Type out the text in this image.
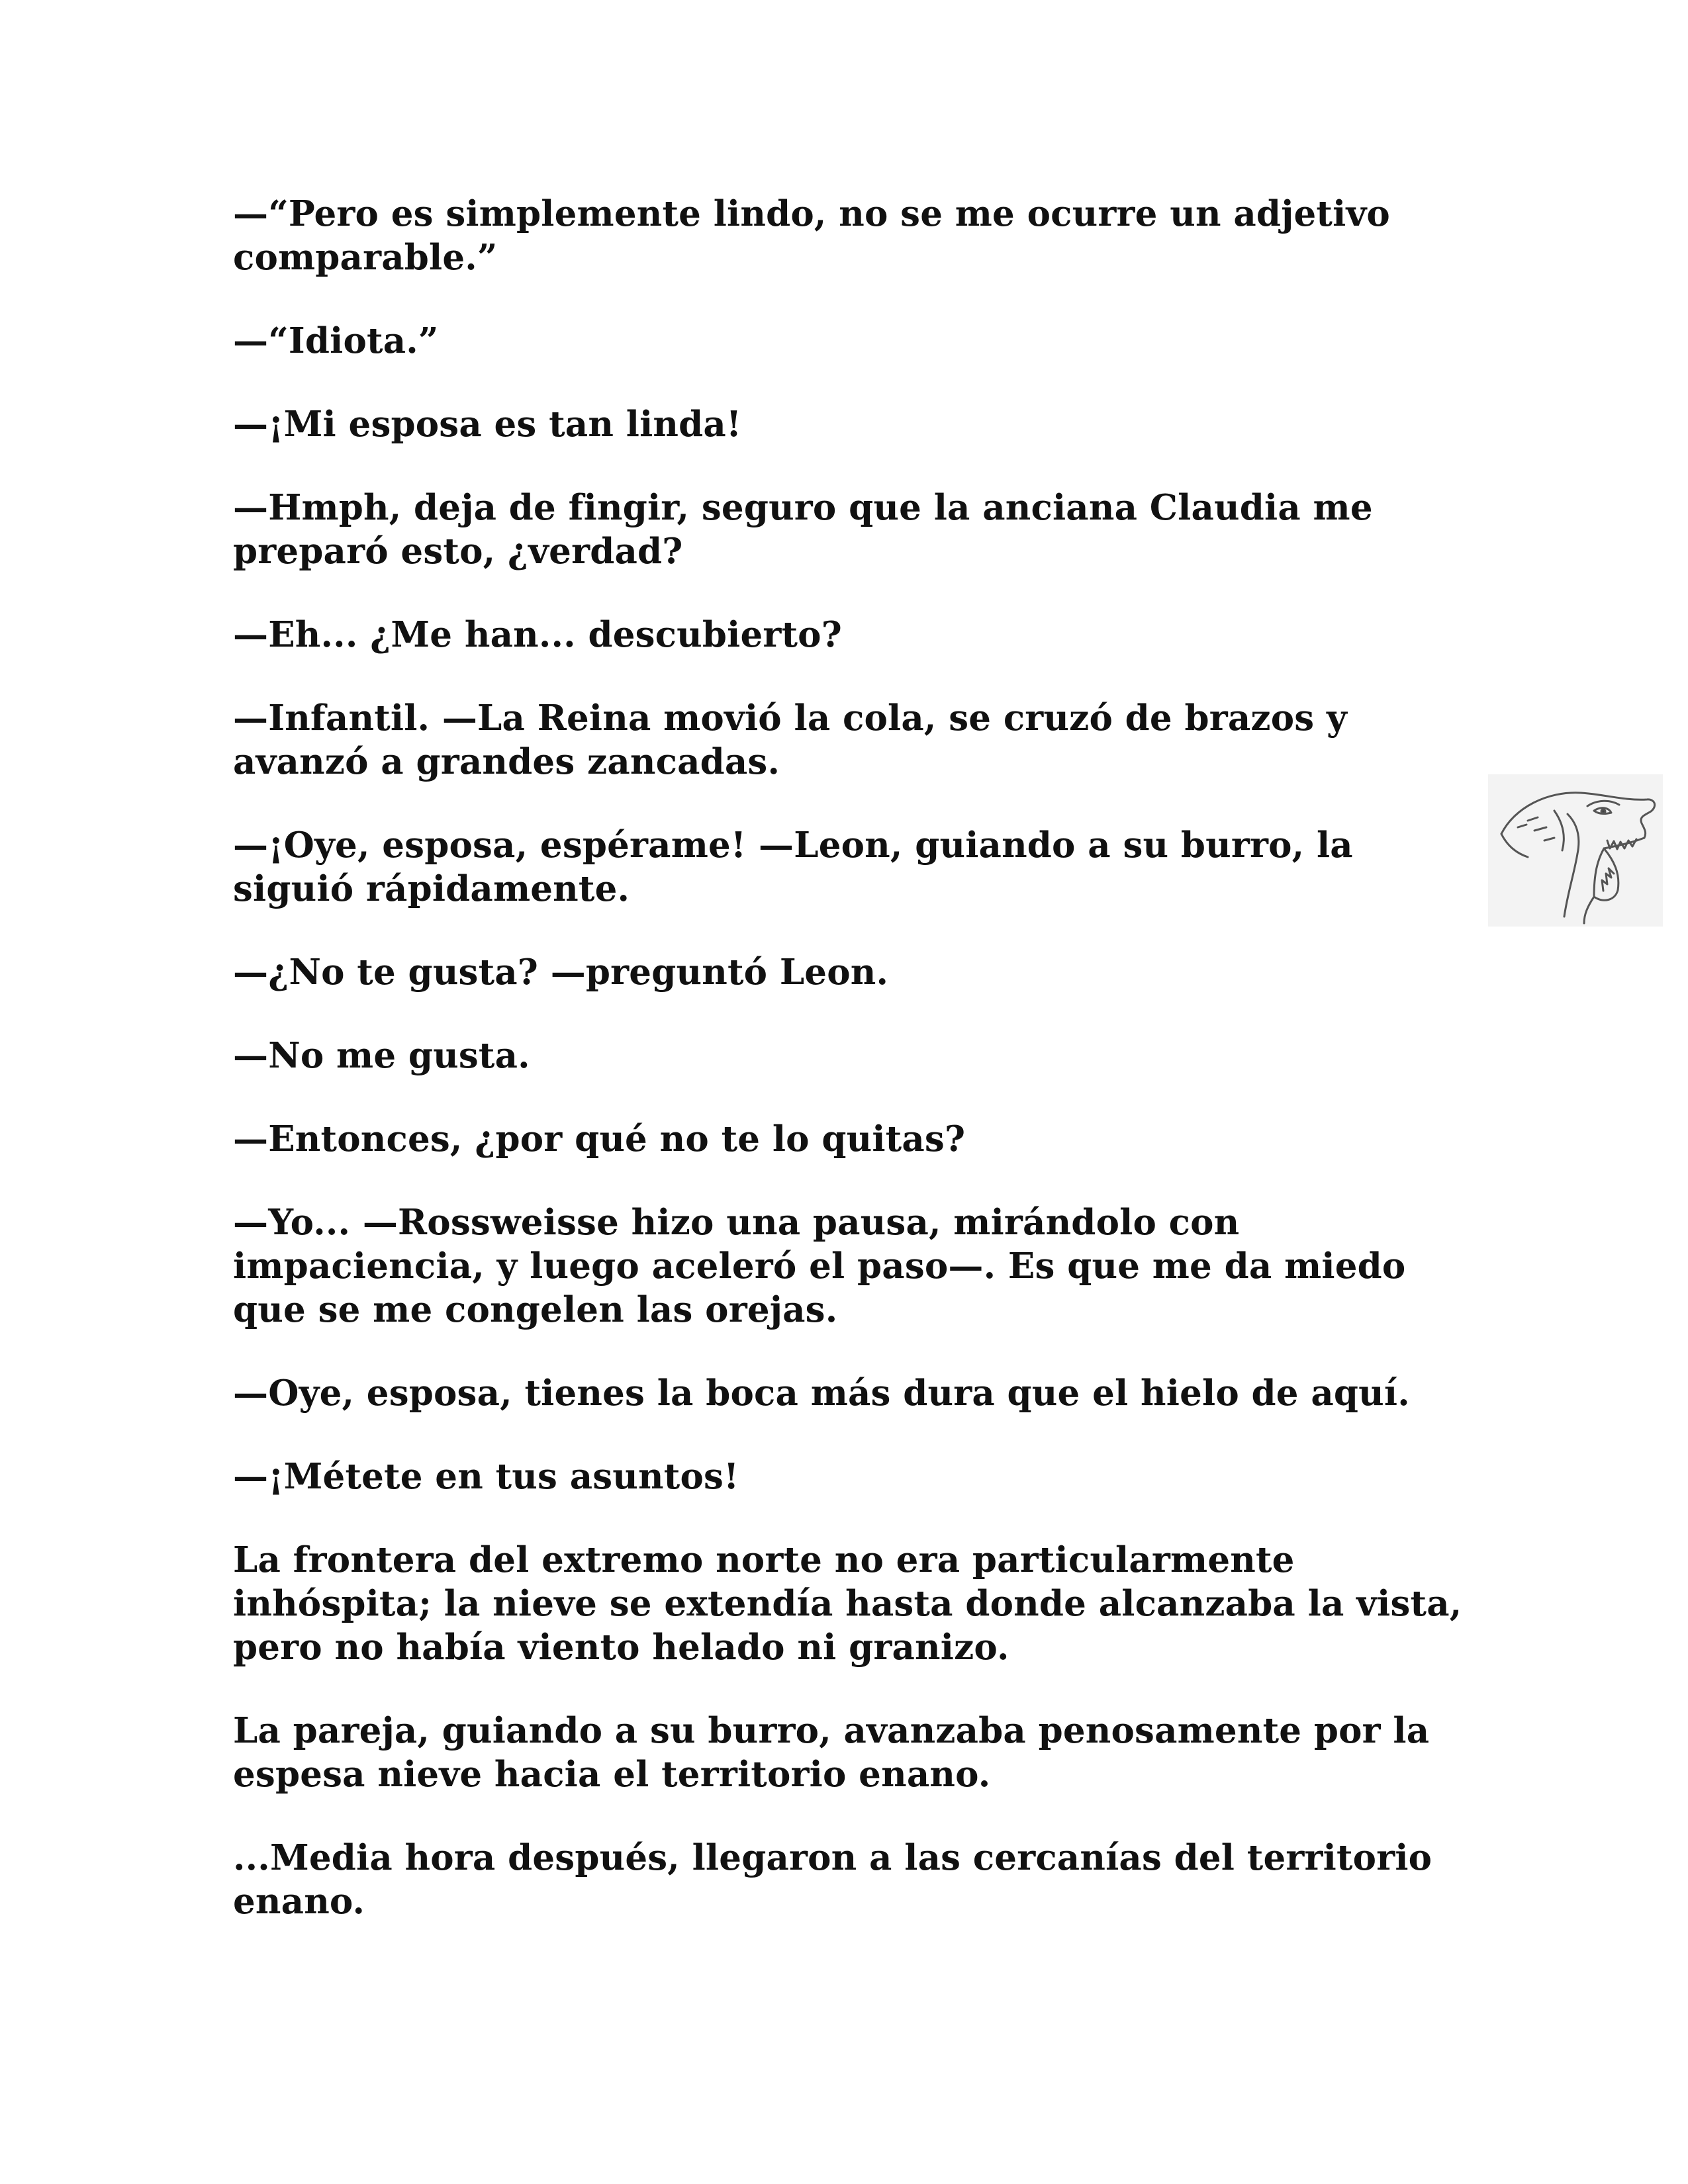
—“Pero es simplemente lindo, no se me ocurre un adjetivo comparable.”

—“Idiota.”

—¡Mi esposa es tan linda!

—Hmph, deja de fingir, seguro que la anciana Claudia me preparó esto, ¿verdad?

—Eh... ¿Me han... descubierto?

—Infantil. —La Reina movió la cola, se cruzó de brazos y avanzó a grandes zancadas.

—¡Oye, esposa, espérame! —Leon, guiando a su burro, la siguió rápidamente.

—¿No te gusta? —preguntó Leon.

—No me gusta.

—Entonces, ¿por qué no te lo quitas?

—Yo... —Rossweisse hizo una pausa, mirándolo con impaciencia, y luego aceleró el paso—. Es que me da miedo que se me congelen las orejas.

—Oye, esposa, tienes la boca más dura que el hielo de aquí.

—¡Métete en tus asuntos!

La frontera del extremo norte no era particularmente inhóspita; la nieve se extendía hasta donde alcanzaba la vista, pero no había viento helado ni granizo.

La pareja, guiando a su burro, avanzaba penosamente por la espesa nieve hacia el territorio enano.

...Media hora después, llegaron a las cercanías del territorio enano.
